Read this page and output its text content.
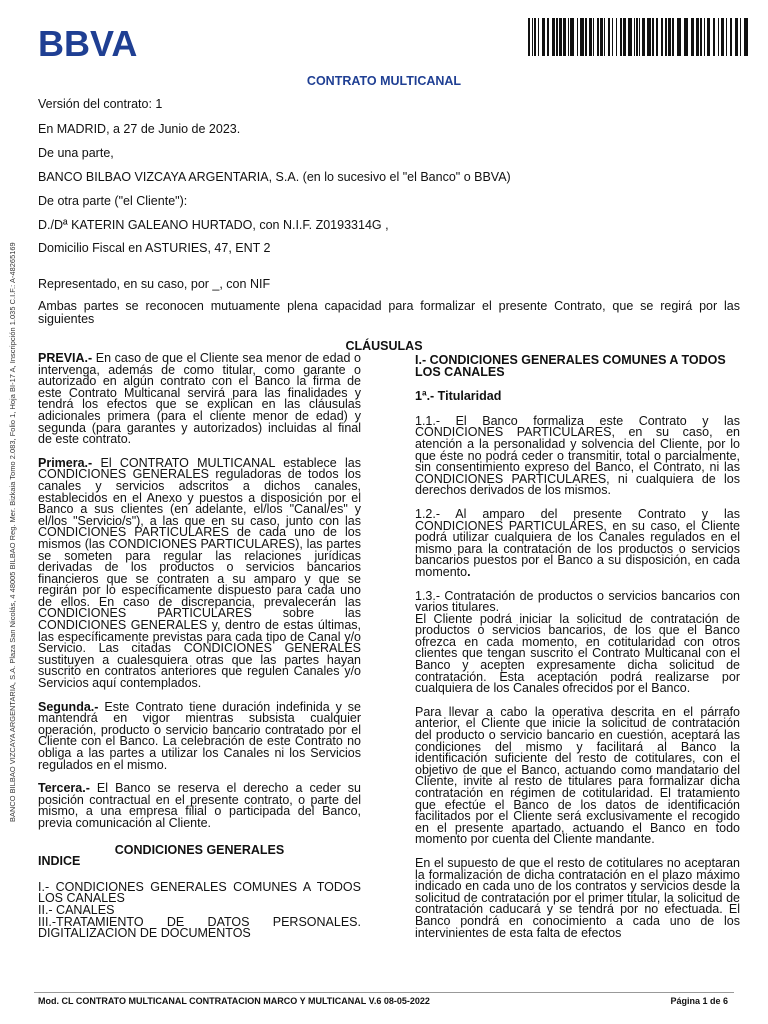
BBVA
BANCO BILBAO VIZCAYA ARGENTARIA, S.A. Plaza San Nicolás, 4 48005 BILBAO Reg. Mer. Bizkaia Tomo 2.083, Folio 1, Hoja BI-17 A, Inscripción 1.035 C.I.F.: A-48265169
CONTRATO MULTICANAL
Versión del contrato: 1
En MADRID, a 27 de Junio de 2023.
De una parte,
BANCO BILBAO VIZCAYA ARGENTARIA, S.A. (en lo sucesivo el "el Banco" o BBVA)
De otra parte ("el Cliente"):
D./Dª KATERIN GALEANO HURTADO, con N.I.F. Z0193314G ,
Domicilio Fiscal en ASTURIES, 47, ENT 2
Representado, en su caso, por _, con NIF
Ambas partes se reconocen mutuamente plena capacidad para formalizar el presente Contrato, que se regirá por las siguientes
CLÁUSULAS

PREVIA.- En caso de que el Cliente sea menor de edad o intervenga, además de como titular, como garante o autorizado en algún contrato con el Banco la firma de este Contrato Multicanal servirá para las finalidades y tendrá los efectos que se explican en las cláusulas adicionales primera (para el cliente menor de edad) y segunda (para garantes y autorizados) incluidas al final de este contrato.

Primera.- El CONTRATO MULTICANAL establece las CONDICIONES GENERALES reguladoras de todos los canales y servicios adscritos a dichos canales, establecidos en el Anexo y puestos a disposición por el Banco a sus clientes (en adelante, el/los "Canal/es" y el/los "Servicio/s"), a las que en su caso, junto con las CONDICIONES PARTICULARES de cada uno de los mismos (las CONDICIONES PARTICULARES), las partes se someten para regular las relaciones jurídicas derivadas de los productos o servicios bancarios financieros que se contraten a su amparo y que se regirán por lo específicamente dispuesto para cada uno de ellos. En caso de discrepancia, prevalecerán las CONDICIONES PARTICULARES sobre las CONDICIONES GENERALES y, dentro de estas últimas, las específicamente previstas para cada tipo de Canal y/o Servicio. Las citadas CONDICIONES GENERALES sustituyen a cualesquiera otras que las partes hayan suscrito en contratos anteriores que regulen Canales y/o Servicios aquí contemplados.

Segunda.- Este Contrato tiene duración indefinida y se mantendrá en vigor mientras subsista cualquier operación, producto o servicio bancario contratado por el Cliente con el Banco. La celebración de este Contrato no obliga a las partes a utilizar los Canales ni los Servicios regulados en el mismo.

Tercera.- El Banco se reserva el derecho a ceder su posición contractual en el presente contrato, o parte del mismo, a una empresa filial o participada del Banco, previa comunicación al Cliente.

CONDICIONES GENERALES

INDICE

I.- CONDICIONES GENERALES COMUNES A TODOS LOS CANALES

II.- CANALES

III.-TRATAMIENTO DE DATOS PERSONALES. DIGITALIZACION DE DOCUMENTOS

I.- CONDICIONES GENERALES COMUNES A TODOS LOS CANALES

1ª.- Titularidad

1.1.- El Banco formaliza este Contrato y las CONDICIONES PARTICULARES, en su caso, en atención a la personalidad y solvencia del Cliente, por lo que éste no podrá ceder o transmitir, total o parcialmente, sin consentimiento expreso del Banco, el Contrato, ni las CONDICIONES PARTICULARES, ni cualquiera de los derechos derivados de los mismos.

1.2.- Al amparo del presente Contrato y las CONDICIONES PARTICULARES, en su caso, el Cliente podrá utilizar cualquiera de los Canales regulados en el mismo para la contratación de los productos o servicios bancarios puestos por el Banco a su disposición, en cada momento.

1.3.- Contratación de productos o servicios bancarios con varios titulares.

El Cliente podrá iniciar la solicitud de contratación de productos o servicios bancarios, de los que el Banco ofrezca en cada momento, en cotitularidad con otros clientes que tengan suscrito el Contrato Multicanal con el Banco y acepten expresamente dicha solicitud de contratación. Esta aceptación podrá realizarse por cualquiera de los Canales ofrecidos por el Banco.

Para llevar a cabo la operativa descrita en el párrafo anterior, el Cliente que inicie la solicitud de contratación del producto o servicio bancario en cuestión, aceptará las condiciones del mismo y facilitará al Banco la identificación suficiente del resto de cotitulares, con el objetivo de que el Banco, actuando como mandatario del Cliente, invite al resto de titulares para formalizar dicha contratación en régimen de cotitularidad. El tratamiento que efectúe el Banco de los datos de identificación facilitados por el Cliente será exclusivamente el recogido en el presente apartado, actuando el Banco en todo momento por cuenta del Cliente mandante.

En el supuesto de que el resto de cotitulares no aceptaran la formalización de dicha contratación en el plazo máximo indicado en cada uno de los contratos y servicios desde la solicitud de contratación por el primer titular, la solicitud de contratación caducará y se tendrá por no efectuada. El Banco pondrá en conocimiento a cada uno de los intervinientes de esta falta de efectos

Mod. CL CONTRATO MULTICANAL CONTRATACION MARCO Y MULTICANAL V.6 08-05-2022	Página 1 de 6
